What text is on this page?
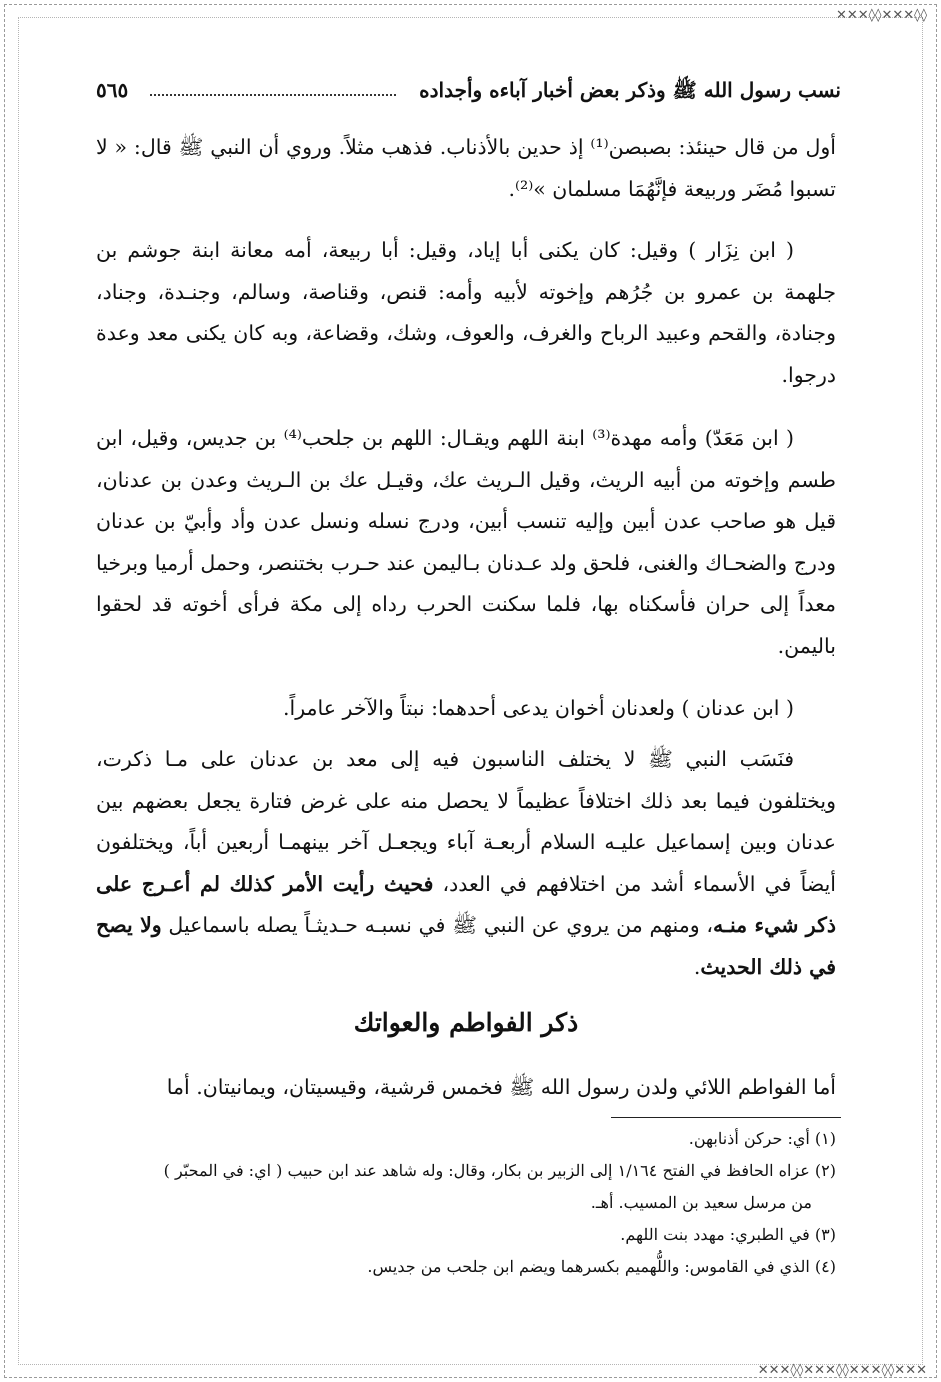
✕✕✕◊◊✕✕✕◊◊
✕✕✕◊◊✕✕✕◊◊✕✕✕◊◊✕✕✕
نسب رسول الله ﷺ وذكر بعض أخبار آباءه وأجداده
٥٦٥

أول من قال حينئذ: بصبصن⁽¹⁾ إذ حدين بالأذناب. فذهب مثلاً. وروي أن النبي ﷺ قال: « لا تسبوا مُضَر وربيعة فإنَّهُمَا مسلمان »⁽²⁾.

( ابن نِزَار ) وقيل: كان يكنى أبا إياد، وقيل: أبا ربيعة، أمه معانة ابنة جوشم بن جلهمة بن عمرو بن جُرُهم وإخوته لأبيه وأمه: قنص، وقناصة، وسالم، وجنـدة، وجناد، وجنادة، والقحم وعبيد الرباح والغرف، والعوف، وشك، وقضاعة، وبه كان يكنى معد وعدة درجوا.

( ابن مَعَدّ) وأمه مهدة⁽³⁾ ابنة اللهم ويقـال: اللهم بن جلحب⁽⁴⁾ بن جديس، وقيل، ابن طسم وإخوته من أبيه الريث، وقيل الـريث عك، وقيـل عك بن الـريث وعدن بن عدنان، قيل هو صاحب عدن أبين وإليه تنسب أبين، ودرج نسله ونسل عدن وأد وأبيّ بن عدنان ودرج والضحـاك والغنى، فلحق ولد عـدنان بـاليمن عند حـرب بختنصر، وحمل أرميا وبرخيا معداً إلى حران فأسكناه بها، فلما سكنت الحرب رداه إلى مكة فرأى أخوته قد لحقوا باليمن.

( ابن عدنان ) ولعدنان أخوان يدعى أحدهما: نبتاً والآخر عامراً.

فنَسَب النبي ﷺ لا يختلف الناسبون فيه إلى معد بن عدنان على مـا ذكرت، ويختلفون فيما بعد ذلك اختلافاً عظيماً لا يحصل منه على غرض فتارة يجعل بعضهم بين عدنان وبين إسماعيل عليـه السلام أربعـة آباء ويجعـل آخر بينهمـا أربعين أباً، ويختلفون أيضاً في الأسماء أشد من اختلافهم في العدد، فحيث رأيت الأمر كذلك لم أعـرج على ذكر شيء منـه، ومنهم من يروي عن النبي ﷺ في نسبـه حـديثـاً يصله باسماعيل ولا يصح في ذلك الحديث.

ذكر الفواطم والعواتك

أما الفواطم اللائي ولدن رسول الله ﷺ فخمس قرشية، وقيسيتان، ويمانيتان. أما

(١) أي: حركن أذنابهن.

(٢) عزاه الحافظ في الفتح ١/١٦٤ إلى الزبير بن بكار، وقال: وله شاهد عند ابن حبيب ( اي: في المحبّر )

من مرسل سعيد بن المسيب. أهـ.

(٣) في الطبري: مهدد بنت اللهم.

(٤) الذي في القاموس: واللُّهميم بكسرهما ويضم ابن جلحب من جديس.
